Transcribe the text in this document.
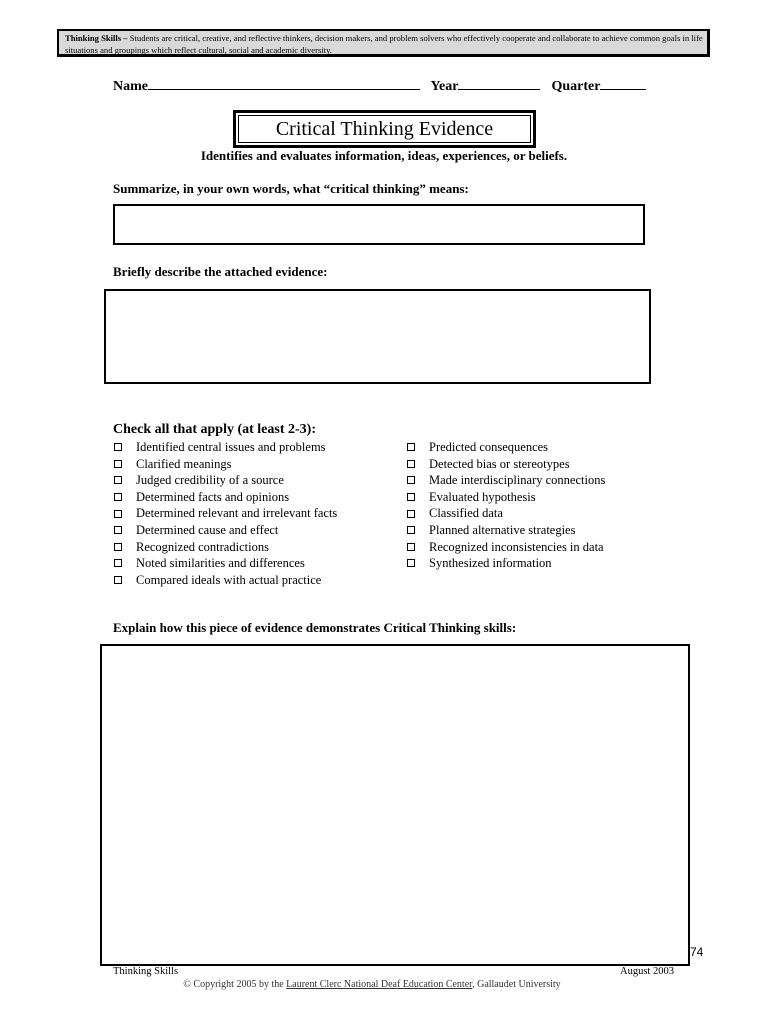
Thinking Skills – Students are critical, creative, and reflective thinkers, decision makers, and problem solvers who effectively cooperate and collaborate to achieve common goals in life situations and groupings which reflect cultural, social and academic diversity.
Name	Year	Quarter
Critical Thinking Evidence
Identifies and evaluates information, ideas, experiences, or beliefs.
Summarize, in your own words, what “critical thinking” means:
Briefly describe the attached evidence:
Check all that apply (at least 2-3):
Identified central issues and problems
Clarified meanings
Judged credibility of a source
Determined facts and opinions
Determined relevant and irrelevant facts
Determined cause and effect
Recognized contradictions
Noted similarities and differences
Compared ideals with actual practice
Predicted consequences
Detected bias or stereotypes
Made interdisciplinary connections
Evaluated hypothesis
Classified data
Planned alternative strategies
Recognized inconsistencies in data
Synthesized information
Explain how this piece of evidence demonstrates Critical Thinking skills:
74
Thinking Skills	August 2003
© Copyright 2005 by the Laurent Clerc National Deaf Education Center, Gallaudet University
